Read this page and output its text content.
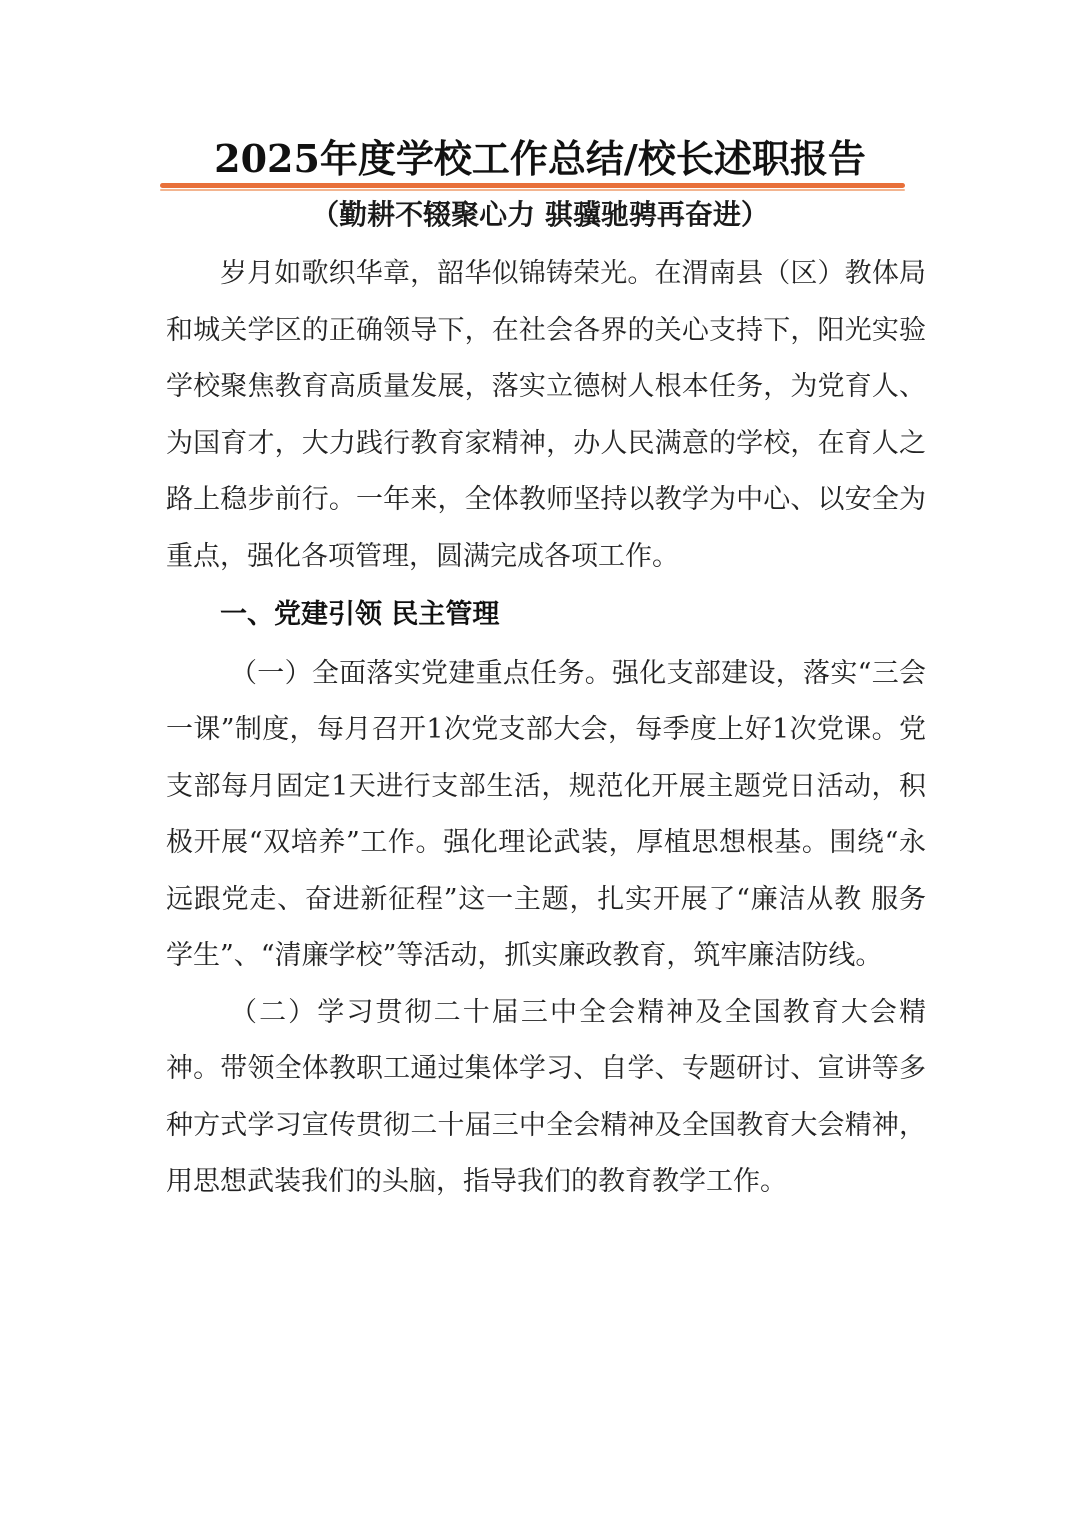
2025年度学校工作总结/校长述职报告
（勤耕不辍聚心力 骐骥驰骋再奋进）

岁月如歌织华章，韶华似锦铸荣光。在渭南县（区）教体局和城关学区的正确领导下，在社会各界的关心支持下，阳光实验学校聚焦教育高质量发展，落实立德树人根本任务，为党育人、为国育才，大力践行教育家精神，办人民满意的学校，在育人之路上稳步前行。一年来，全体教师坚持以教学为中心、以安全为重点，强化各项管理，圆满完成各项工作。

一、党建引领 民主管理

（一）全面落实党建重点任务。强化支部建设，落实“三会一课”制度，每月召开1次党支部大会，每季度上好1次党课。党支部每月固定1天进行支部生活，规范化开展主题党日活动，积极开展“双培养”工作。强化理论武装，厚植思想根基。围绕“永远跟党走、奋进新征程”这一主题，扎实开展了“廉洁从教 服务学生”、“清廉学校”等活动，抓实廉政教育，筑牢廉洁防线。

（二）学习贯彻二十届三中全会精神及全国教育大会精神。带领全体教职工通过集体学习、自学、专题研讨、宣讲等多种方式学习宣传贯彻二十届三中全会精神及全国教育大会精神，用思想武装我们的头脑，指导我们的教育教学工作。
